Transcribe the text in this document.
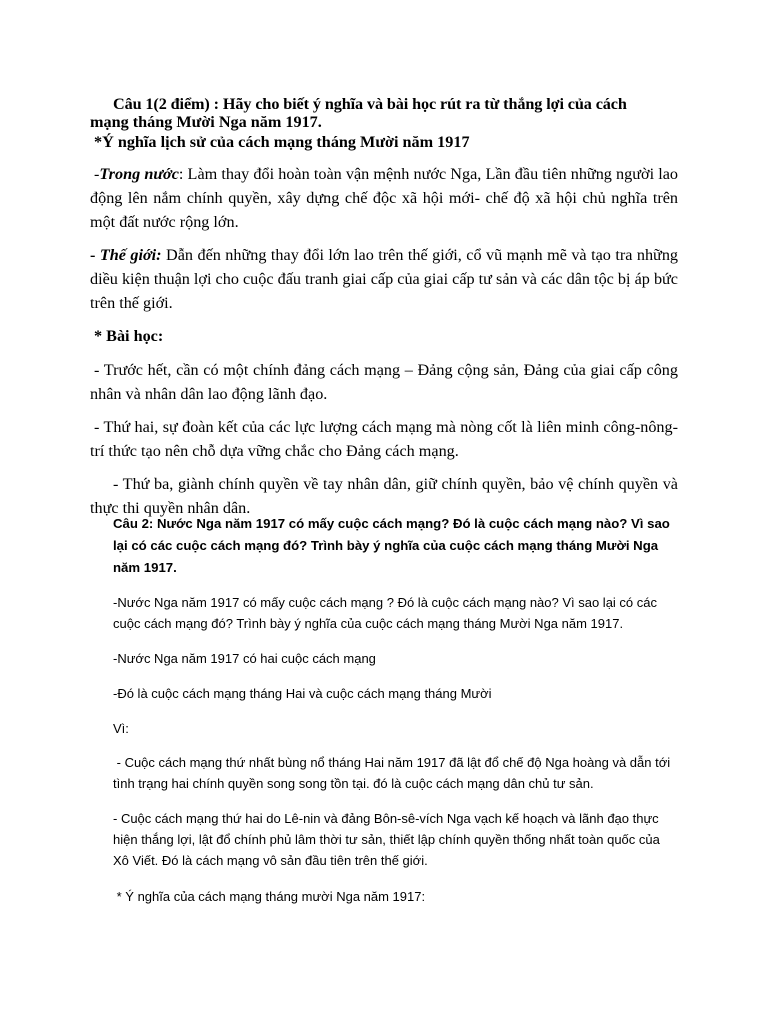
Câu 1(2 điểm) : Hãy cho biết ý nghĩa và bài học rút ra từ thắng lợi của cách
mạng tháng Mười Nga năm 1917.
*Ý nghĩa lịch sử của cách mạng tháng Mười năm 1917

-Trong nước: Làm thay đổi hoàn toàn vận mệnh nước Nga, Lần đầu tiên những người lao động lên nắm chính quyền, xây dựng chế độc xã hội mới- chế độ xã hội chủ nghĩa trên một đất nước rộng lớn.

- Thế giới: Dẫn đến những thay đổi lớn lao trên thế giới, cổ vũ mạnh mẽ và tạo tra những diều kiện thuận lợi cho cuộc đấu tranh giai cấp của giai cấp tư sản và các dân tộc bị áp bức trên thế giới.

* Bài học:

- Trước hết, cần có một chính đảng cách mạng – Đảng cộng sản, Đảng của giai cấp công nhân và nhân dân lao động lãnh đạo.

- Thứ hai, sự đoàn kết của các lực lượng cách mạng mà nòng cốt là liên minh công-nông- trí thức tạo nên chỗ dựa vững chắc cho Đảng cách mạng.

- Thứ ba, giành chính quyền về tay nhân dân, giữ chính quyền, bảo vệ chính quyền và thực thi quyền nhân dân.

Câu 2: Nước Nga năm 1917 có mấy cuộc cách mạng? Đó là cuộc cách mạng nào? Vì sao lại có các cuộc cách mạng đó? Trình bày ý nghĩa của cuộc cách mạng tháng Mười Nga năm 1917.

-Nước Nga năm 1917 có mấy cuộc cách mạng ? Đó là cuộc cách mạng nào? Vì sao lại có các cuộc cách mạng đó? Trình bày ý nghĩa của cuộc cách mạng tháng Mười Nga năm 1917.

-Nước Nga năm 1917 có hai cuộc cách mạng

-Đó là cuộc cách mạng tháng Hai và cuộc cách mạng tháng Mười

Vì:

- Cuộc cách mạng thứ nhất bùng nổ tháng Hai năm 1917 đã lật đổ chế độ Nga hoàng và dẫn tới tình trạng hai chính quyền song song tồn tại. đó là cuộc cách mạng dân chủ tư sản.

- Cuộc cách mạng thứ hai do Lê-nin và đảng Bôn-sê-vích Nga vạch kế hoạch và lãnh đạo thực hiện thắng lợi, lật đổ chính phủ lâm thời tư sản, thiết lập chính quyền thống nhất toàn quốc của Xô Viết. Đó là cách mạng vô sản đầu tiên trên thế giới.

* Ý nghĩa của cách mạng tháng mười Nga năm 1917:
